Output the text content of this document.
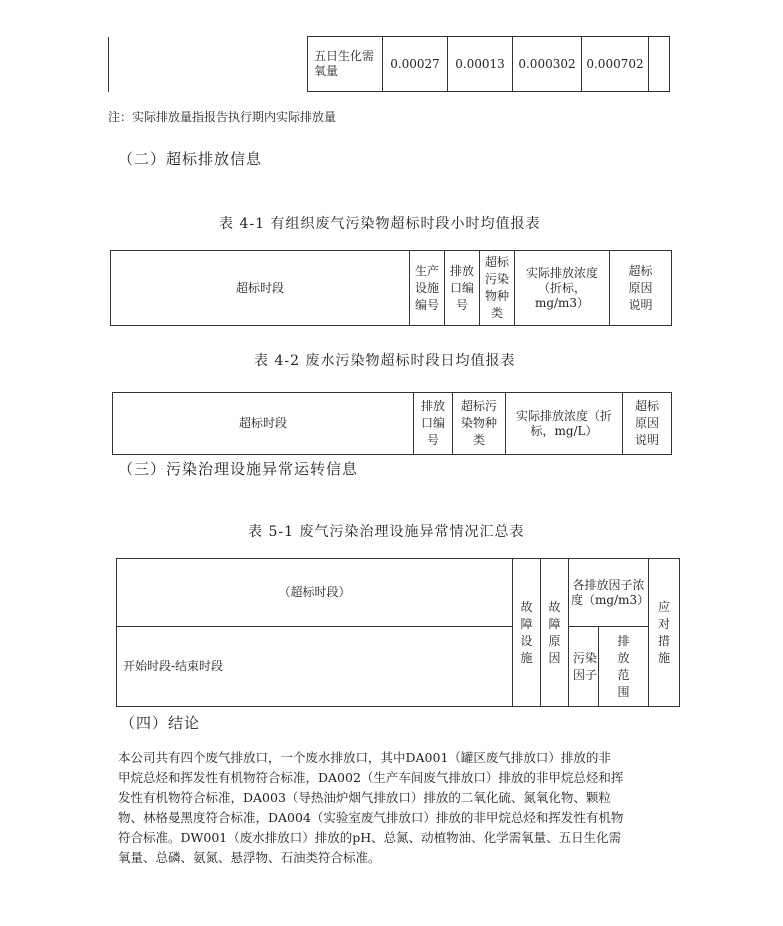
	五日生化需氧量	0.00027	0.00013	0.000302	0.000702	
注：实际排放量指报告执行期内实际排放量
（二）超标排放信息
表 4-1 有组织废气污染物超标时段小时均值报表
超标时段	生产设施编号	排放口编号	超标污染物种类	实际排放浓度（折标，mg/m3）	超标原因说明
表 4-2 废水污染物超标时段日均值报表
超标时段	排放口编号	超标污染物种类	实际排放浓度（折标，mg/L）	超标原因说明
（三）污染治理设施异常运转信息
表 5-1 废气污染治理设施异常情况汇总表
（超标时段）	故障设施	故障原因	各排放因子浓度（mg/m3）		应对措施
开始时段-结束时段			污染因子	排放范围	
（四）结论
本公司共有四个废气排放口，一个废水排放口，其中DA001（罐区废气排放口）排放的非
甲烷总烃和挥发性有机物符合标准，DA002（生产车间废气排放口）排放的非甲烷总烃和挥
发性有机物符合标准，DA003（导热油炉烟气排放口）排放的二氧化硫、氮氧化物、颗粒
物、林格曼黑度符合标准，DA004（实验室废气排放口）排放的非甲烷总烃和挥发性有机物
符合标准。DW001（废水排放口）排放的pH、总氮、动植物油、化学需氧量、五日生化需
氧量、总磷、氨氮、悬浮物、石油类符合标准。
